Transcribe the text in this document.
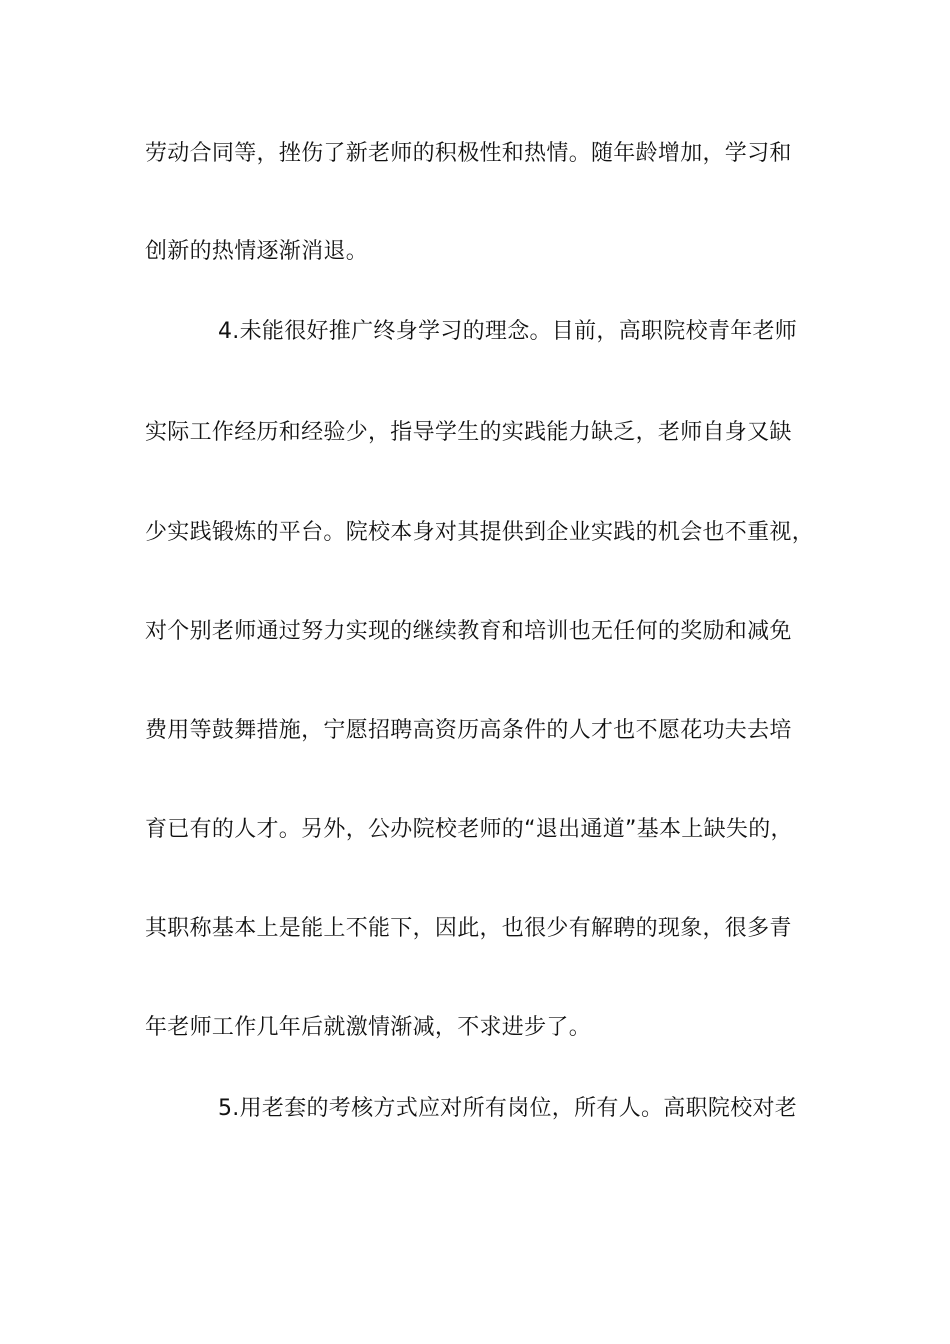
劳动合同等，挫伤了新老师的积极性和热情。随年龄增加，学习和
创新的热情逐渐消退。
4.未能很好推广终身学习的理念。目前，高职院校青年老师
实际工作经历和经验少，指导学生的实践能力缺乏，老师自身又缺
少实践锻炼的平台。院校本身对其提供到企业实践的机会也不重视，
对个别老师通过努力实现的继续教育和培训也无任何的奖励和减免
费用等鼓舞措施，宁愿招聘高资历高条件的人才也不愿花功夫去培
育已有的人才。另外，公办院校老师的“退出通道”基本上缺失的，
其职称基本上是能上不能下，因此，也很少有解聘的现象，很多青
年老师工作几年后就激情渐减，不求进步了。
5.用老套的考核方式应对所有岗位，所有人。高职院校对老
